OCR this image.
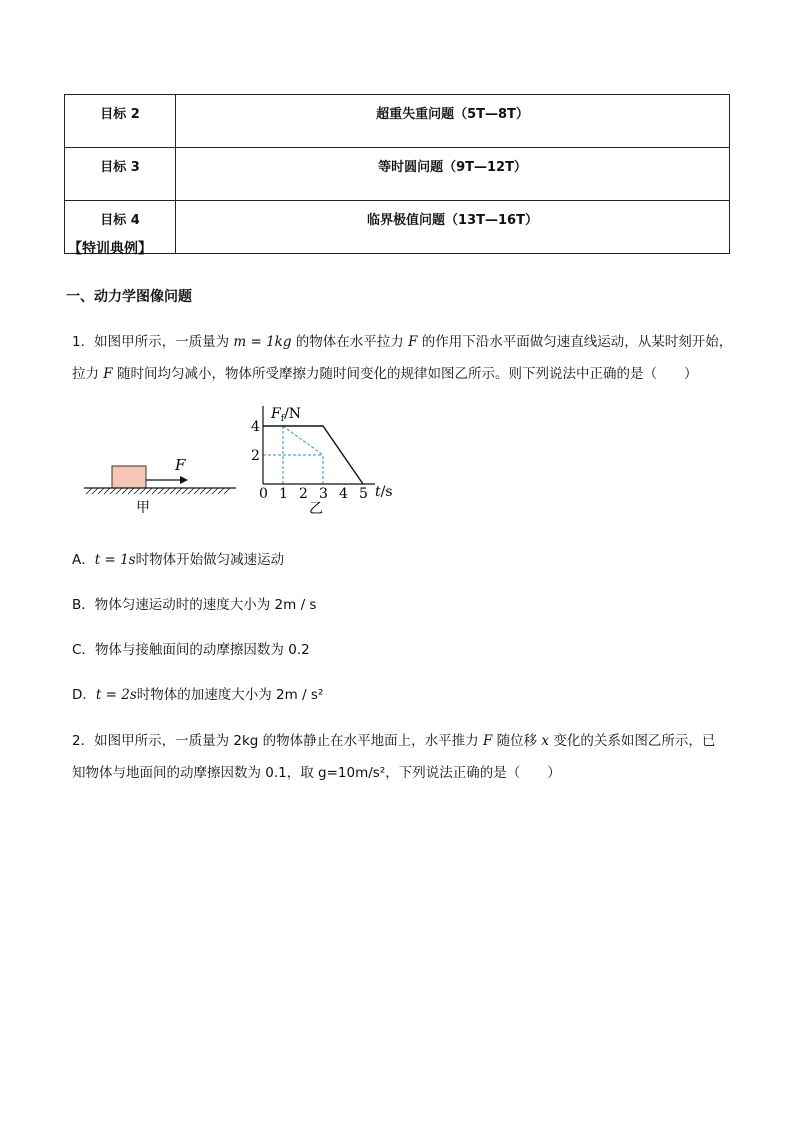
目标 2	超重失重问题（5T—8T）
目标 3	等时圆问题（9T—12T）
目标 4	临界极值问题（13T—16T）
【特训典例】
一、动力学图像问题
1．如图甲所示，一质量为 m = 1kg 的物体在水平拉力 F 的作用下沿水平面做匀速直线运动，从某时刻开始，
拉力 F 随时间均匀减小，物体所受摩擦力随时间变化的规律如图乙所示。则下列说法中正确的是（　　）
F
甲
2
4
0 1 2 3 4 5
$F_f/N$
t/s
乙
A．t = 1s时物体开始做匀减速运动
B．物体匀速运动时的速度大小为 2m / s
C．物体与接触面间的动摩擦因数为 0.2
D．t = 2s时物体的加速度大小为 2m / s²
2．如图甲所示，一质量为 2kg 的物体静止在水平地面上，水平推力 F 随位移 x 变化的关系如图乙所示，已
知物体与地面间的动摩擦因数为 0.1，取 g=10m/s²，下列说法正确的是（　　）
